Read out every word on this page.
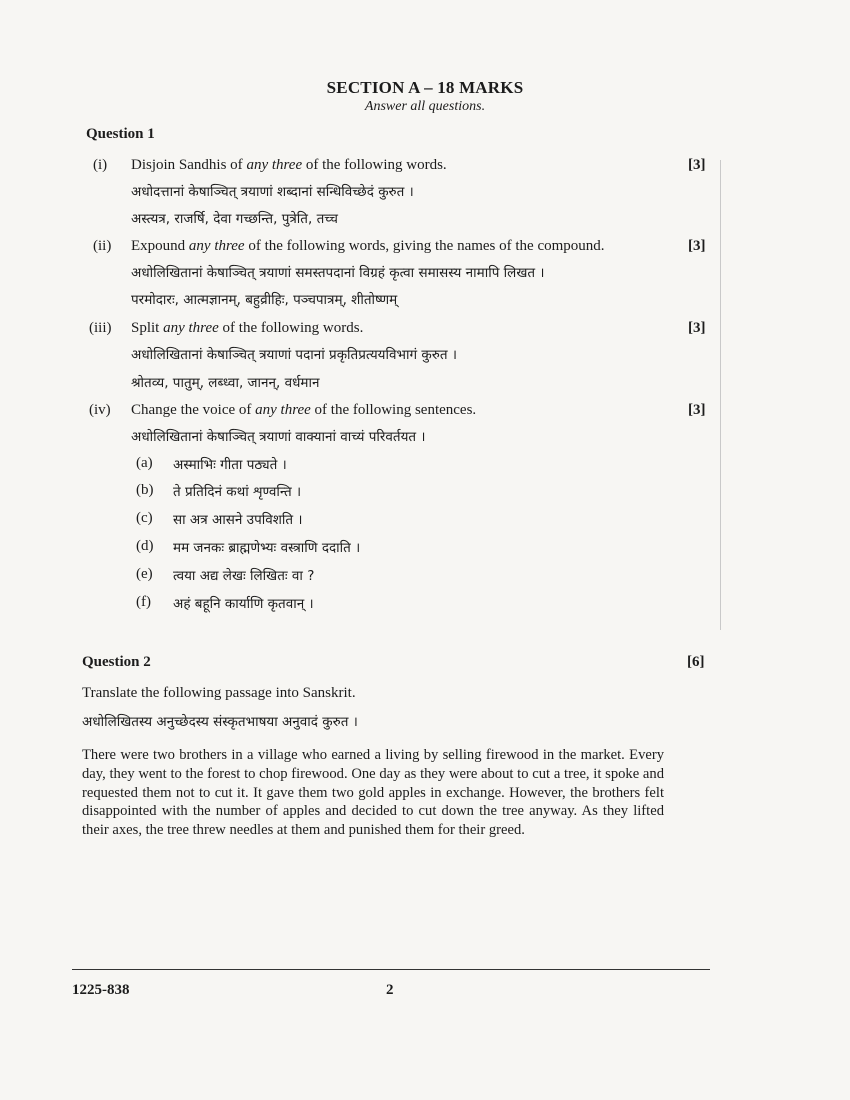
SECTION A – 18 MARKS
Answer all questions.
Question 1
(i) Disjoin Sandhis of any three of the following words.	[3]
अधोदत्तानां केषाञ्चित् त्रयाणां शब्दानां सन्धिविच्छेदं कुरुत ।
अस्त्यत्र, राजर्षि, देवा गच्छन्ति, पुत्रेति, तच्च
(ii) Expound any three of the following words, giving the names of the compound.	[3]
अधोलिखितानां केषाञ्चित् त्रयाणां समस्तपदानां विग्रहं कृत्वा समासस्य नामापि लिखत ।
परमोदारः, आत्मज्ञानम्, बहुव्रीहिः, पञ्चपात्रम्, शीतोष्णम्
(iii) Split any three of the following words.	[3]
अधोलिखितानां केषाञ्चित् त्रयाणां पदानां प्रकृतिप्रत्ययविभागं कुरुत ।
श्रोतव्य, पातुम्, लब्ध्वा, जानन्, वर्धमान
(iv) Change the voice of any three of the following sentences.	[3]
अधोलिखितानां केषाञ्चित् त्रयाणां वाक्यानां वाच्यं परिवर्तयत ।
(a) अस्माभिः गीता पठ्यते ।
(b) ते प्रतिदिनं कथां शृण्वन्ति ।
(c) सा अत्र आसने उपविशति ।
(d) मम जनकः ब्राह्मणेभ्यः वस्त्राणि ददाति ।
(e) त्वया अद्य लेखः लिखितः वा ?
(f) अहं बहूनि कार्याणि कृतवान् ।
Question 2	[6]
Translate the following passage into Sanskrit.
अधोलिखितस्य अनुच्छेदस्य संस्कृतभाषया अनुवादं कुरुत ।
There were two brothers in a village who earned a living by selling firewood in the market. Every day, they went to the forest to chop firewood. One day as they were about to cut a tree, it spoke and requested them not to cut it. It gave them two gold apples in exchange. However, the brothers felt disappointed with the number of apples and decided to cut down the tree anyway. As they lifted their axes, the tree threw needles at them and punished them for their greed.
1225-838	2
